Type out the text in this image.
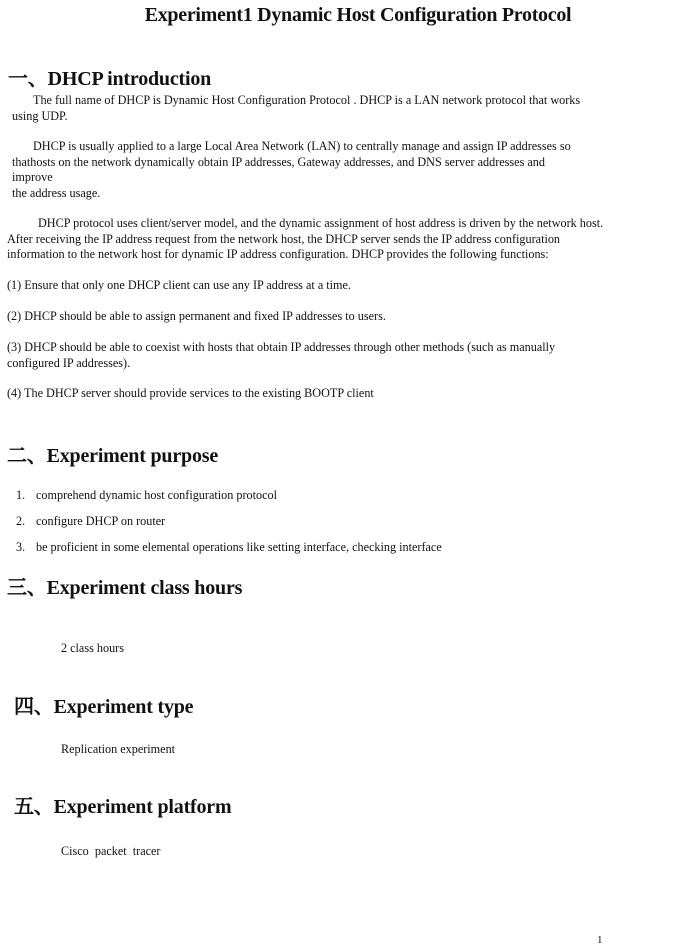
Experiment1 Dynamic Host Configuration Protocol
一、DHCP introduction
The full name of DHCP is Dynamic Host Configuration Protocol . DHCP is a LAN network protocol that works
using UDP.
DHCP is usually applied to a large Local Area Network (LAN) to centrally manage and assign IP addresses so
thathosts on the network dynamically obtain IP addresses, Gateway addresses, and DNS server addresses and
improve
the address usage.
DHCP protocol uses client/server model, and the dynamic assignment of host address is driven by the network host.
After receiving the IP address request from the network host, the DHCP server sends the IP address configuration
information to the network host for dynamic IP address configuration. DHCP provides the following functions:
(1) Ensure that only one DHCP client can use any IP address at a time.
(2) DHCP should be able to assign permanent and fixed IP addresses to users.
(3) DHCP should be able to coexist with hosts that obtain IP addresses through other methods (such as manually
configured IP addresses).
(4) The DHCP server should provide services to the existing BOOTP client
二、Experiment purpose
1. comprehend dynamic host configuration protocol
2. configure DHCP on router
3. be proficient in some elemental operations like setting interface, checking interface
三、Experiment class hours
2 class hours
四、Experiment type
Replication experiment
五、Experiment platform
Cisco  packet  tracer
1
